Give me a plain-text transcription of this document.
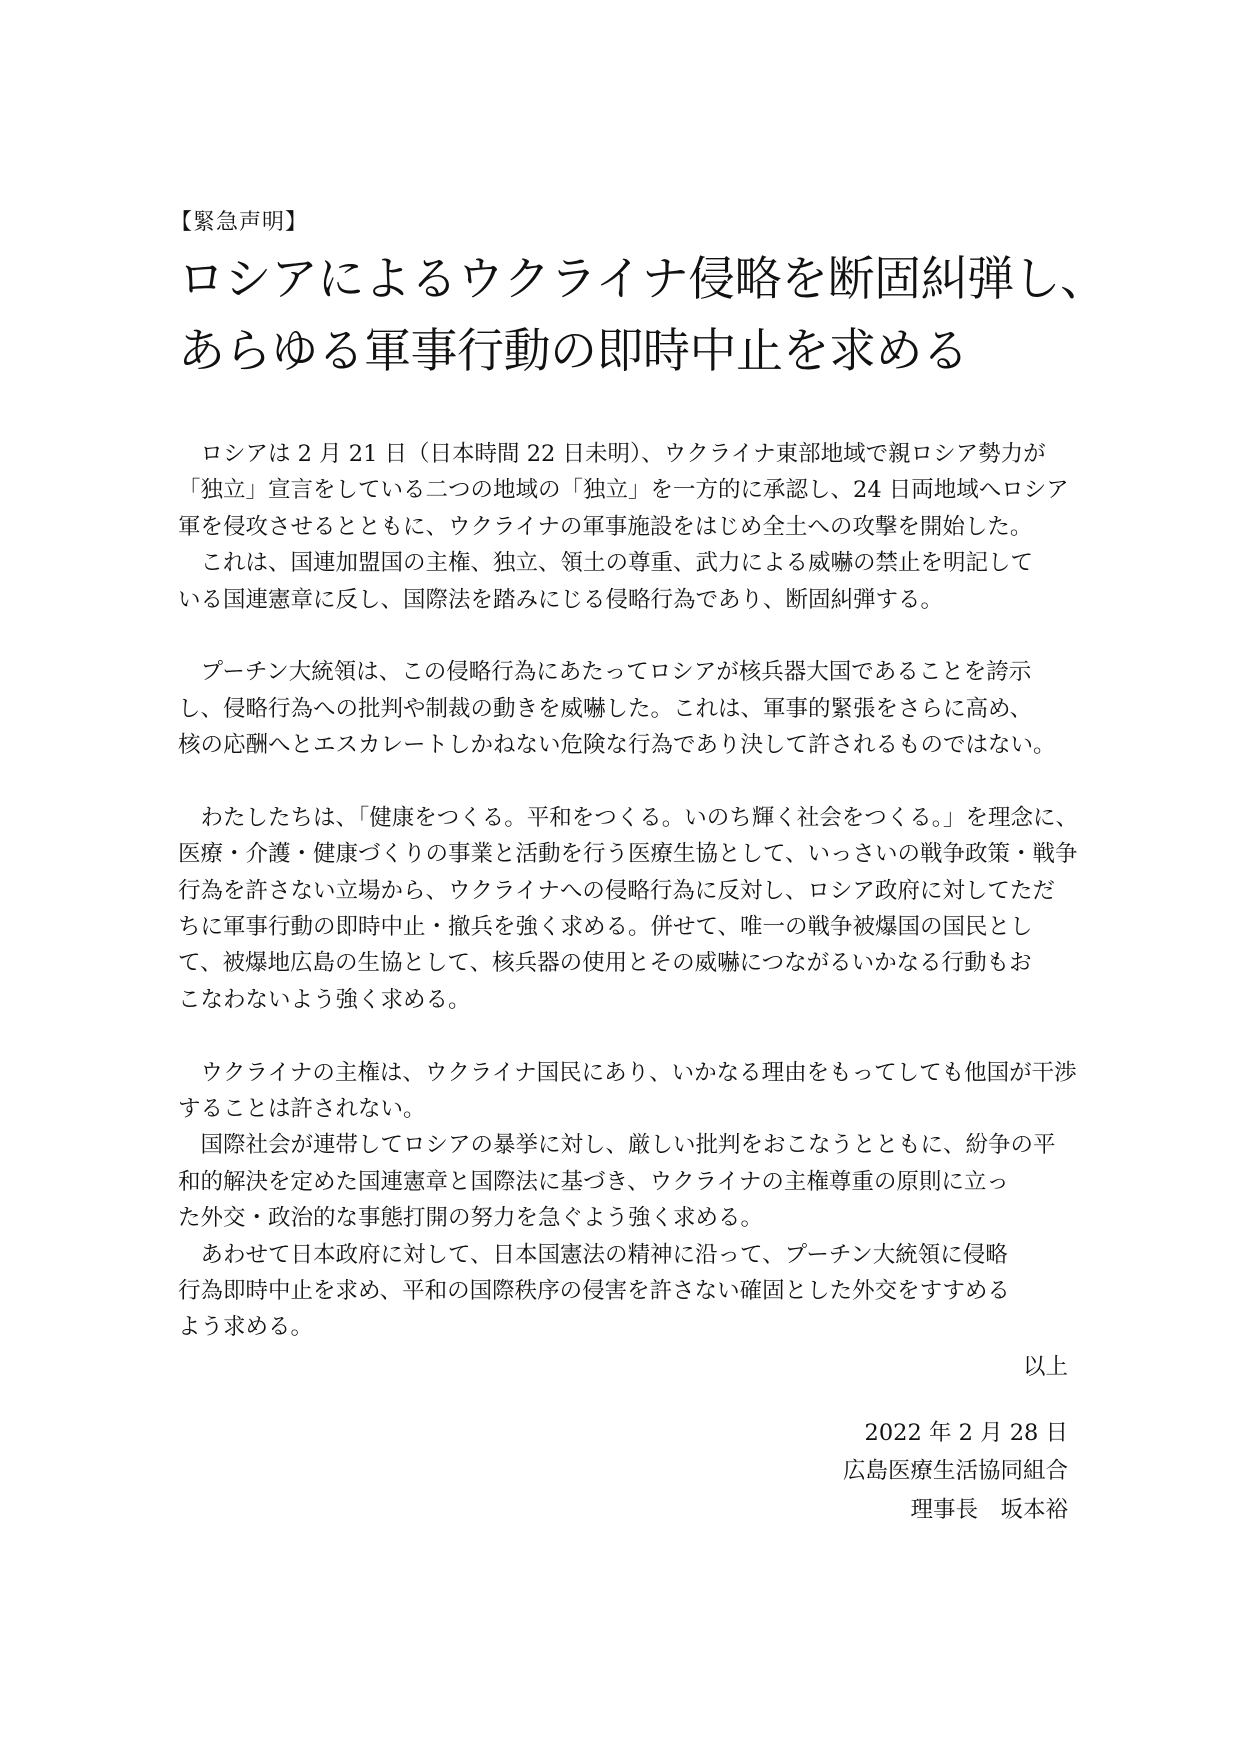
【緊急声明】
ロシアによるウクライナ侵略を断固糾弾し、
あらゆる軍事行動の即時中止を求める
　ロシアは 2 月 21 日（日本時間 22 日未明）、ウクライナ東部地域で親ロシア勢力が
「独立」宣言をしている二つの地域の「独立」を一方的に承認し、24 日両地域へロシア
軍を侵攻させるとともに、ウクライナの軍事施設をはじめ全土への攻撃を開始した。
　これは、国連加盟国の主権、独立、領土の尊重、武力による威嚇の禁止を明記して
いる国連憲章に反し、国際法を踏みにじる侵略行為であり、断固糾弾する。
　プーチン大統領は、この侵略行為にあたってロシアが核兵器大国であることを誇示
し、侵略行為への批判や制裁の動きを威嚇した。これは、軍事的緊張をさらに高め、
核の応酬へとエスカレートしかねない危険な行為であり決して許されるものではない。
　わたしたちは、「健康をつくる。平和をつくる。いのち輝く社会をつくる。」を理念に、
医療・介護・健康づくりの事業と活動を行う医療生協として、いっさいの戦争政策・戦争
行為を許さない立場から、ウクライナへの侵略行為に反対し、ロシア政府に対してただ
ちに軍事行動の即時中止・撤兵を強く求める。併せて、唯一の戦争被爆国の国民とし
て、被爆地広島の生協として、核兵器の使用とその威嚇につながるいかなる行動もお
こなわないよう強く求める。
　ウクライナの主権は、ウクライナ国民にあり、いかなる理由をもってしても他国が干渉
することは許されない。
　国際社会が連帯してロシアの暴挙に対し、厳しい批判をおこなうとともに、紛争の平
和的解決を定めた国連憲章と国際法に基づき、ウクライナの主権尊重の原則に立っ
た外交・政治的な事態打開の努力を急ぐよう強く求める。
　あわせて日本政府に対して、日本国憲法の精神に沿って、プーチン大統領に侵略
行為即時中止を求め、平和の国際秩序の侵害を許さない確固とした外交をすすめる
よう求める。
以上
2022 年 2 月 28 日
広島医療生活協同組合
理事長　坂本裕
